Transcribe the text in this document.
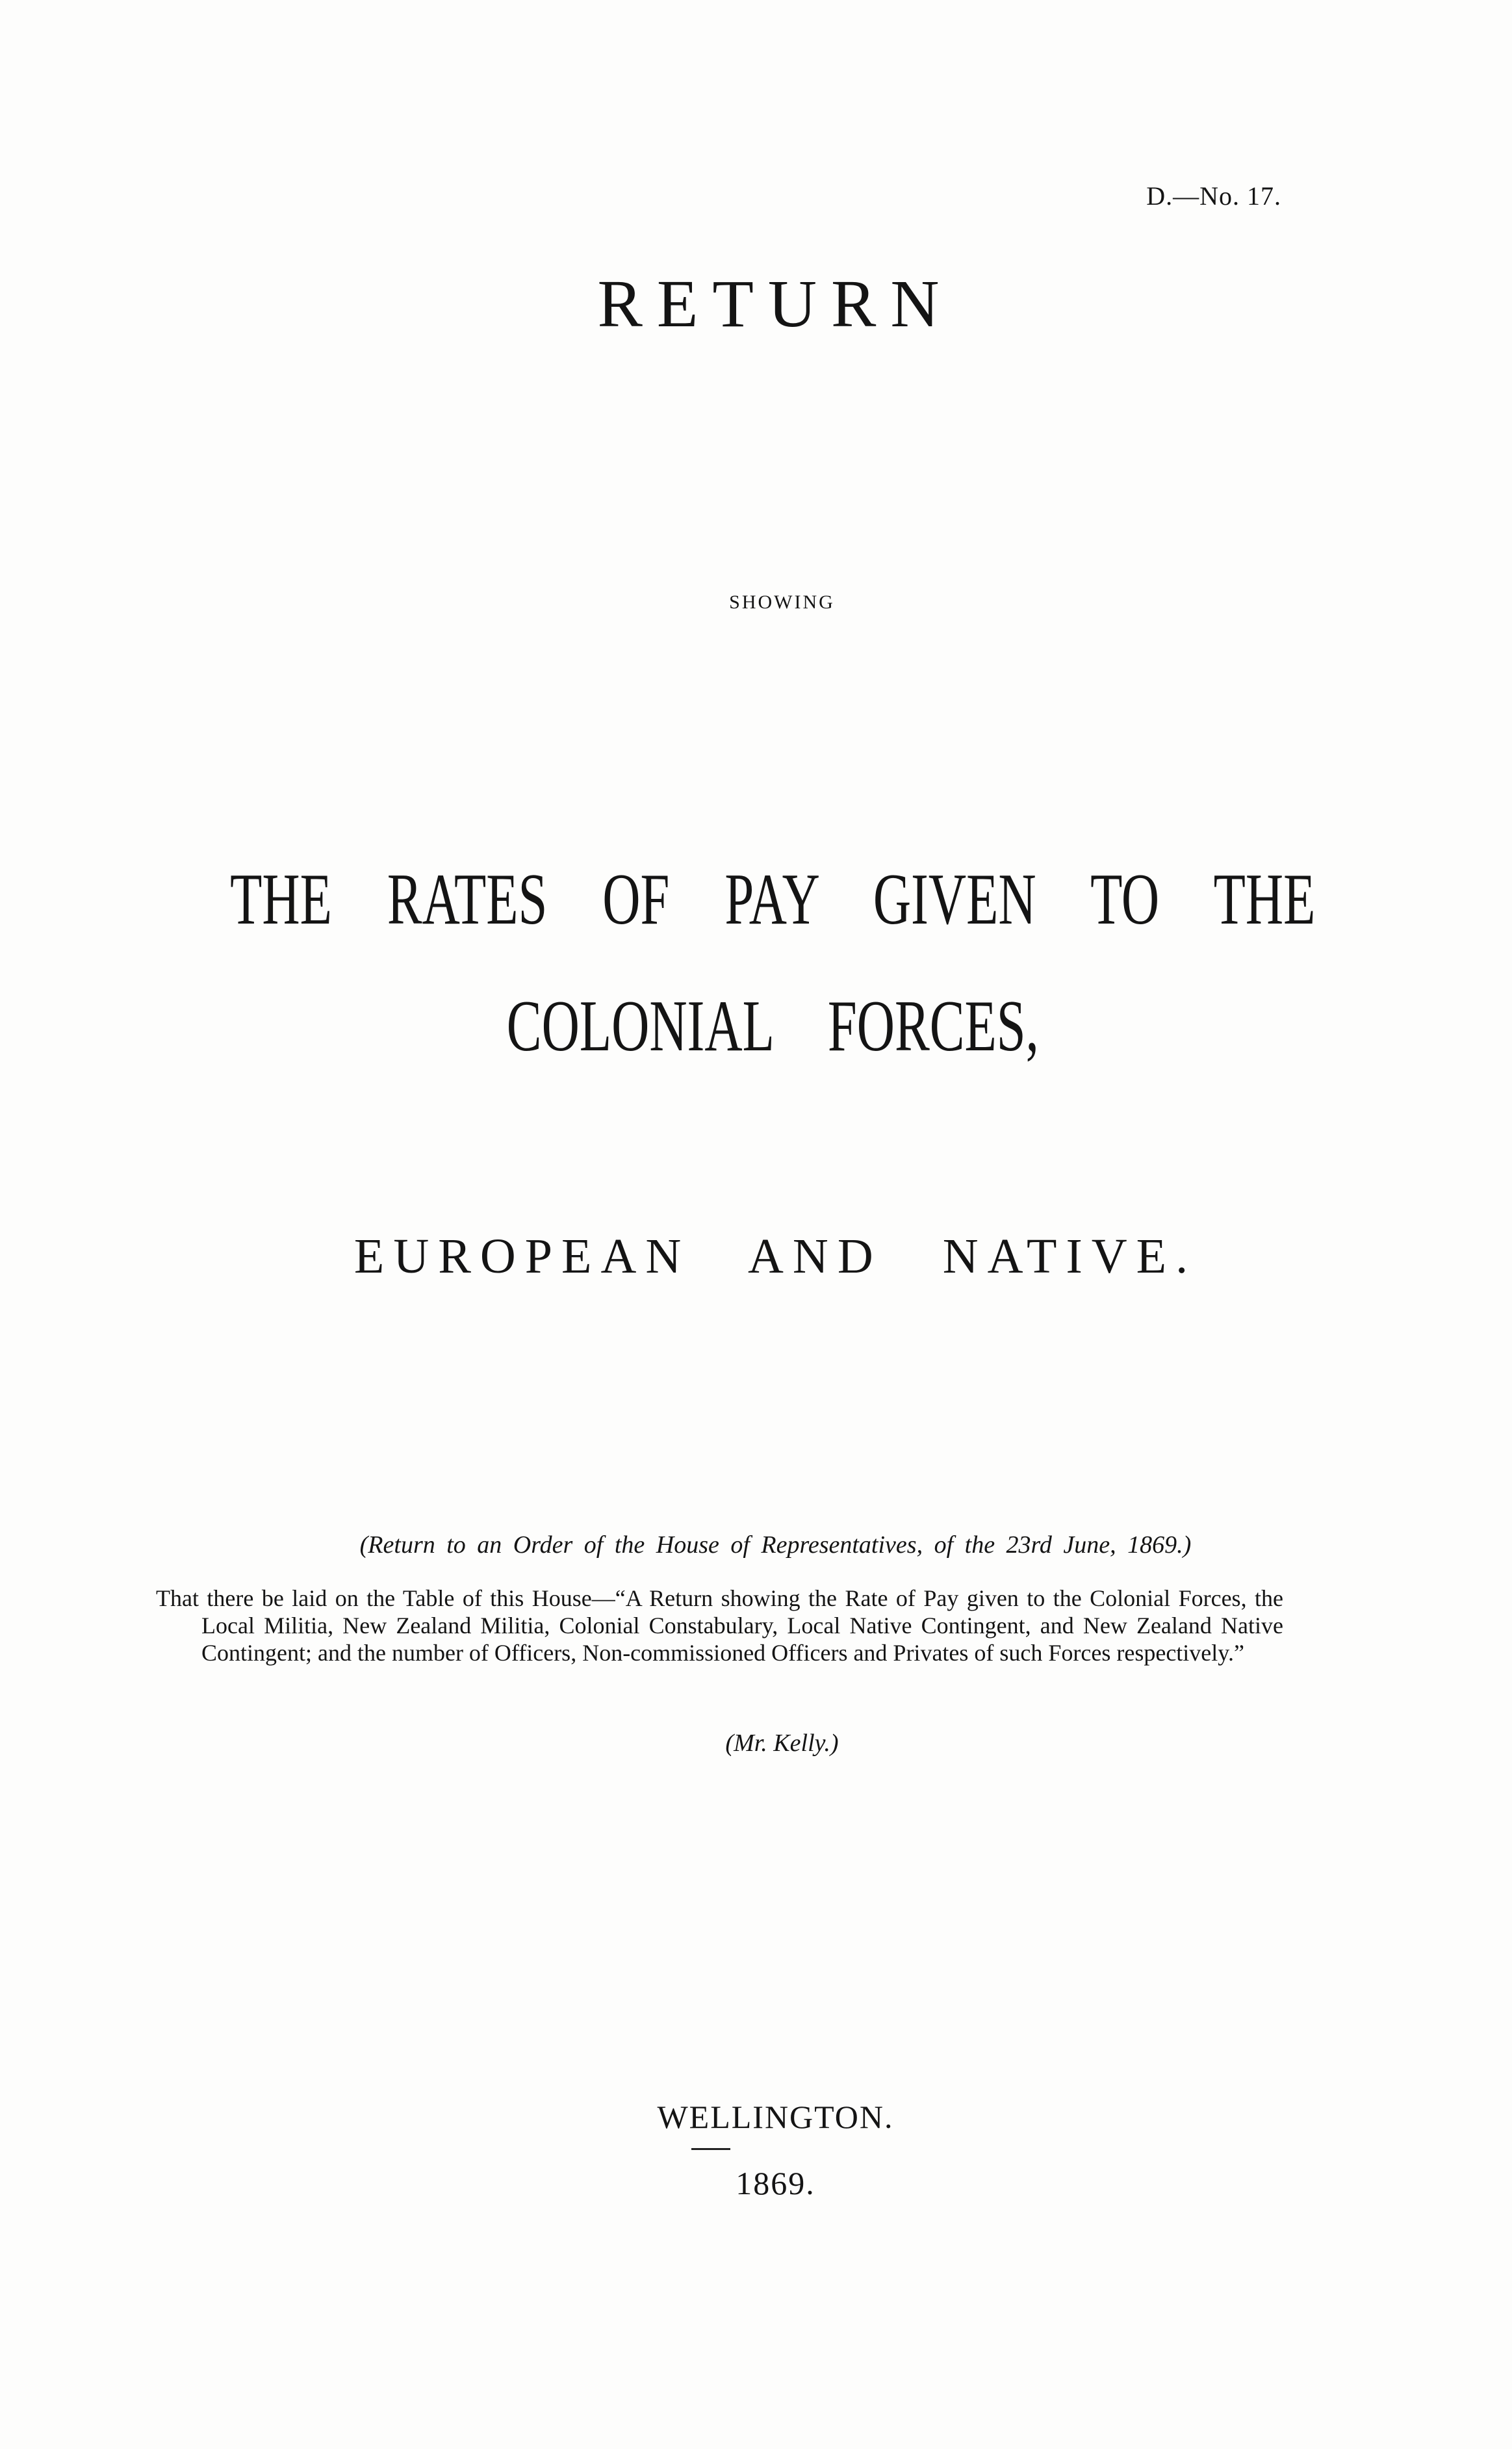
D.—No. 17.
RETURN
SHOWING
THE RATES OF PAY GIVEN TO THE
COLONIAL FORCES,
EUROPEAN AND NATIVE.
(Return to an Order of the House of Representatives, of the 23rd June, 1869.)
That there be laid on the Table of this House—“A Return showing the Rate of Pay given to the Colonial Forces, the Local Militia, New Zealand Militia, Colonial Constabulary, Local Native Contingent, and New Zealand Native Contingent; and the number of Officers, Non-commissioned Officers and Privates of such Forces respectively.”
(Mr. Kelly.)
WELLINGTON.
1869.
